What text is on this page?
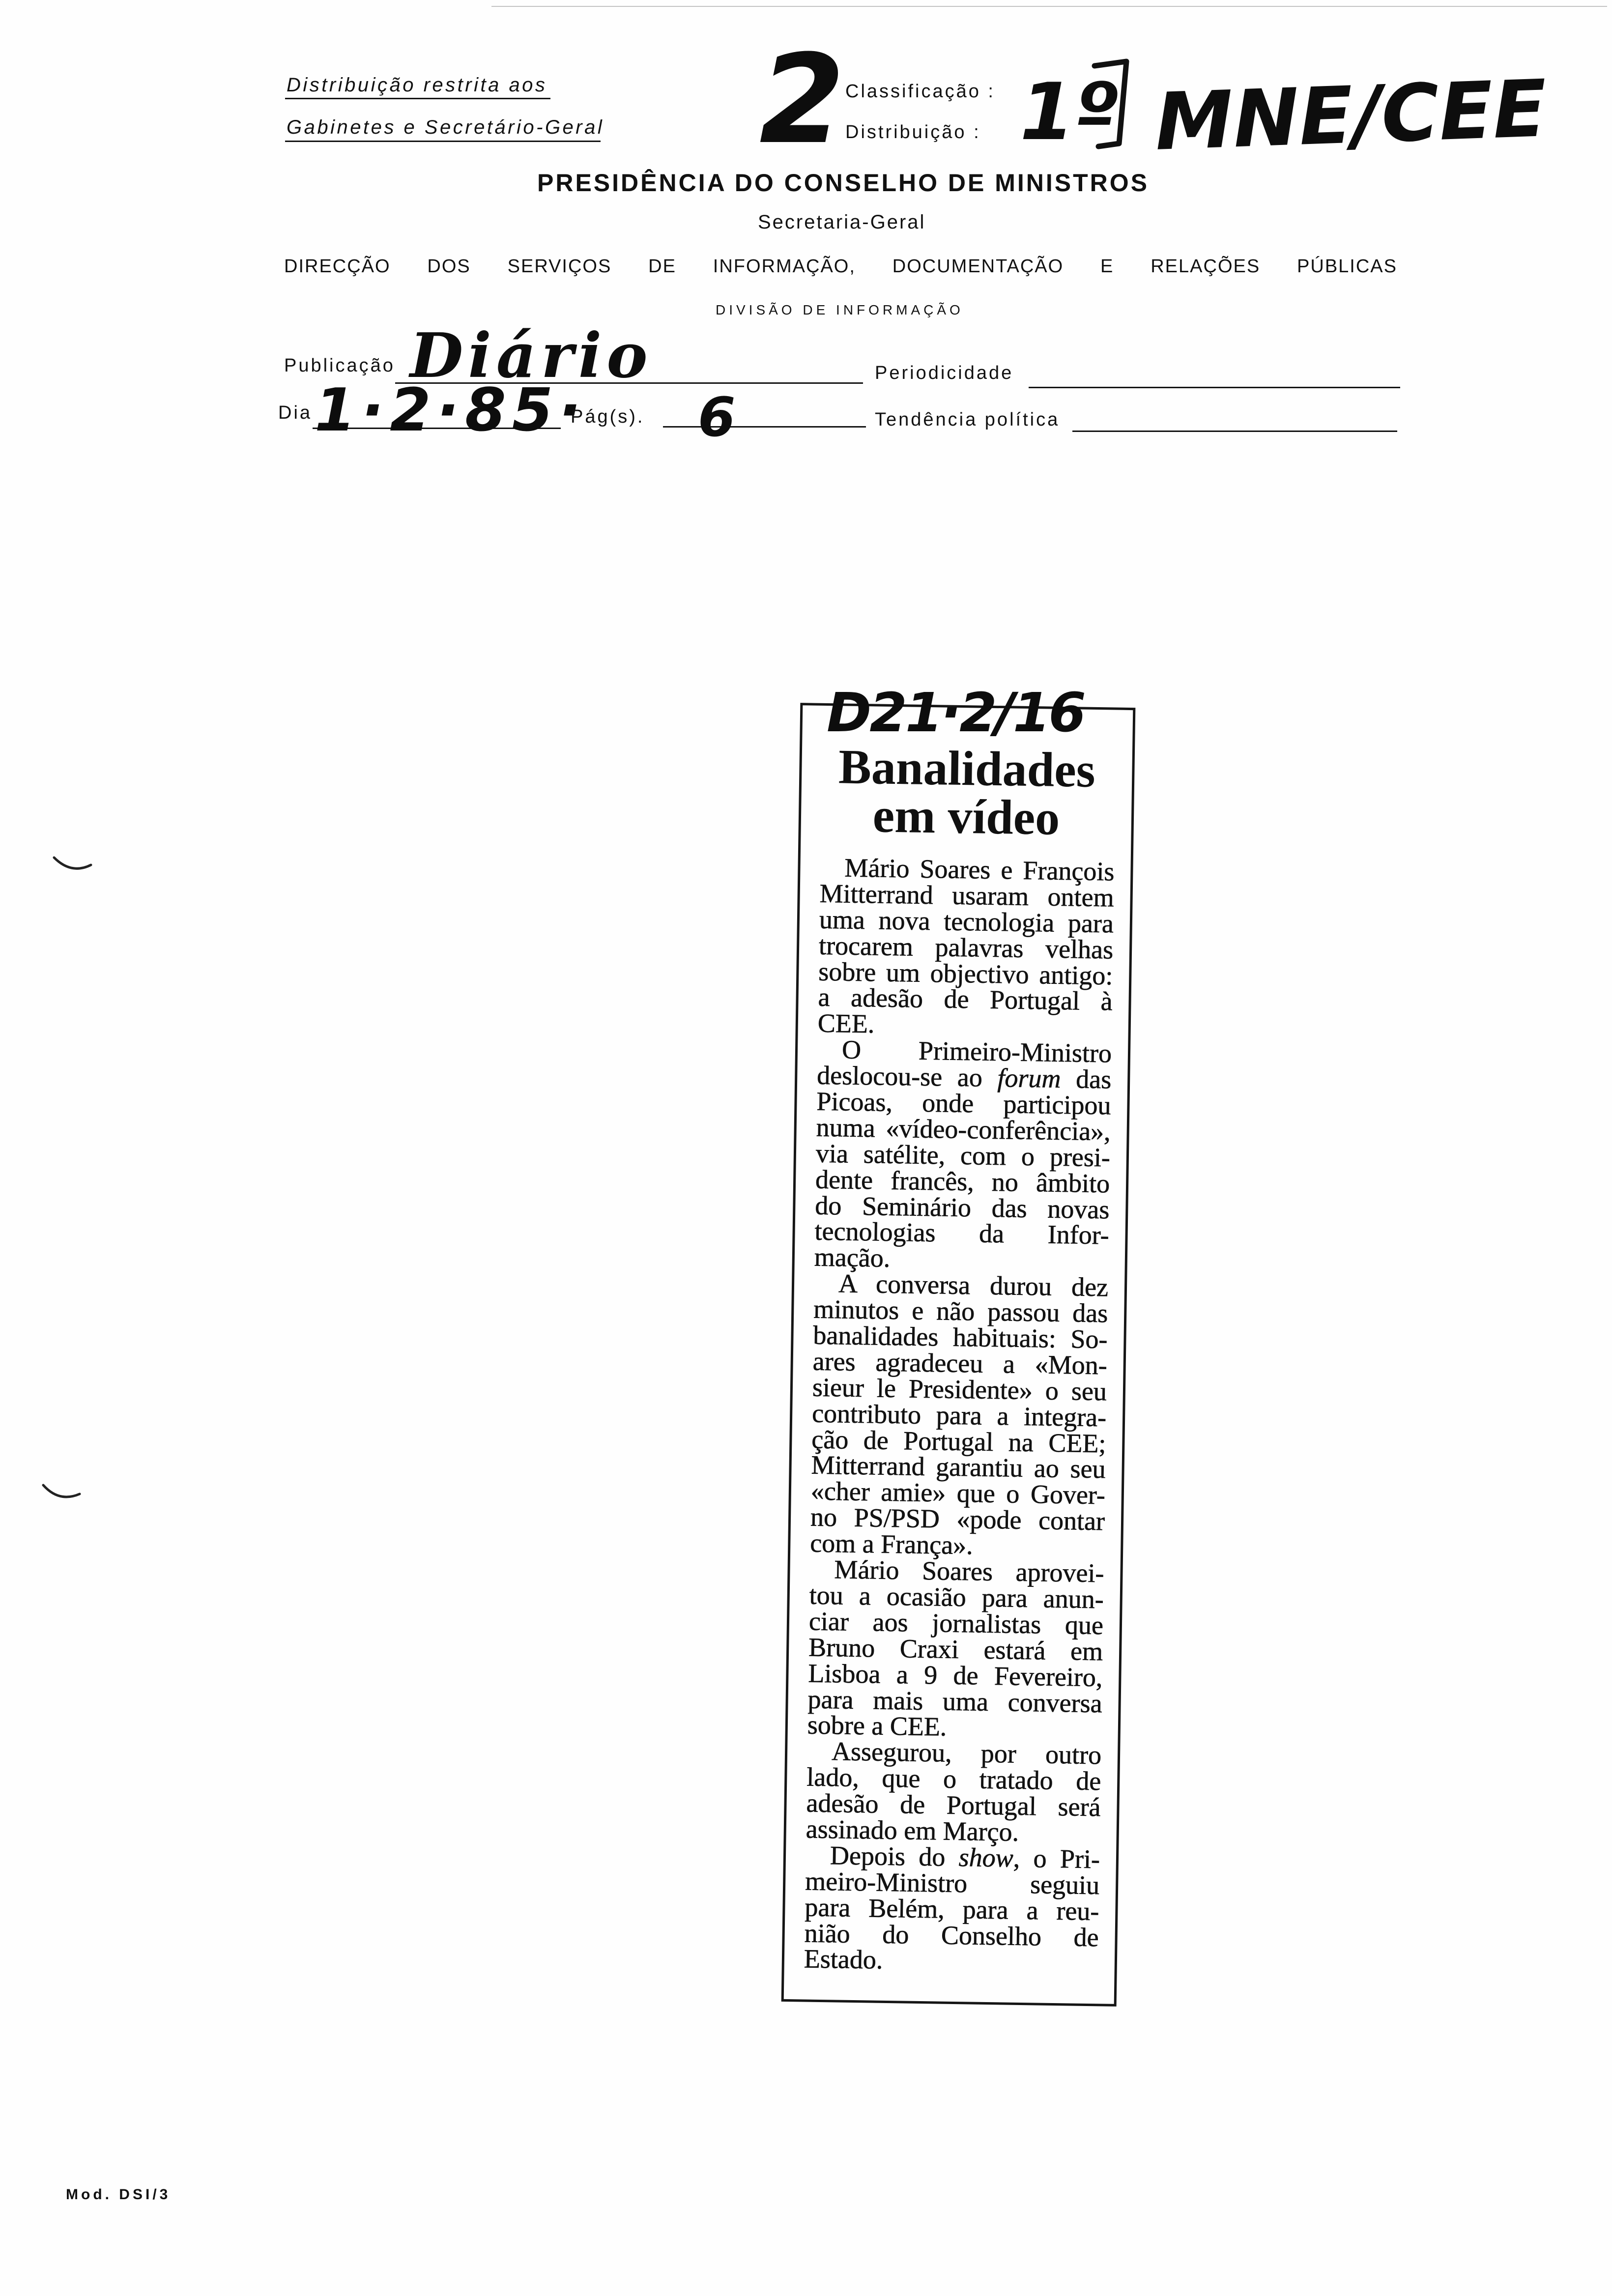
Distribuição restrita aos
Gabinetes e Secretário-Geral 2 Classificação :
Distribuição : 1º MNE/CEE
PRESIDÊNCIA DO CONSELHO DE MINISTROS
Secretaria-Geral
DIRECÇÃO DOS SERVIÇOS DE INFORMAÇÃO, DOCUMENTAÇÃO E RELAÇÕES PÚBLICAS
DIVISÃO DE INFORMAÇÃO
Publicação Diário	Periodicidade
Dia 1·2·85·
Pág(s). 6	Tendência política
Banalidades
em vídeo
Mário Soares e François
Mitterrand usaram ontem
uma nova tecnologia para
trocarem palavras velhas
sobre um objectivo antigo:
a adesão de Portugal à
CEE.
O Primeiro-Ministro
deslocou-se ao forum das
Picoas, onde participou
numa «vídeo-conferência»,
via satélite, com o presi-
dente francês, no âmbito
do Seminário das novas
tecnologias da Infor-
mação.
A conversa durou dez
minutos e não passou das
banalidades habituais: So-
ares agradeceu a «Mon-
sieur le Presidente» o seu
contributo para a integra-
ção de Portugal na CEE;
Mitterrand garantiu ao seu
«cher amie» que o Gover-
no PS/PSD «pode contar
com a França».
Mário Soares aprovei-
tou a ocasião para anun-
ciar aos jornalistas que
Bruno Craxi estará em
Lisboa a 9 de Fevereiro,
para mais uma conversa
sobre a CEE.
Assegurou, por outro
lado, que o tratado de
adesão de Portugal será
assinado em Março.
Depois do show, o Pri-
meiro-Ministro seguiu
para Belém, para a reu-
nião do Conselho de
Estado.
D21·2/16
Mod. DSI/3
